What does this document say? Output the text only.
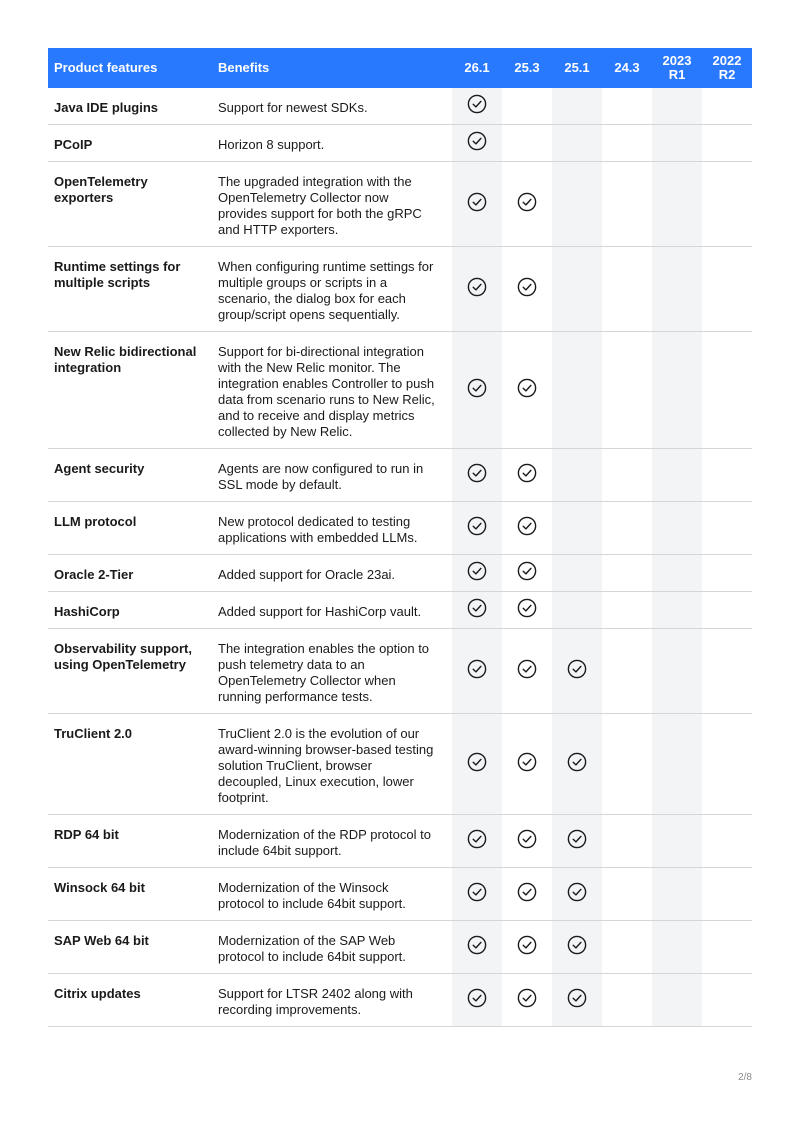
Product features	Benefits	26.1	25.3	25.1	24.3	2023 R1	2022 R2
Java IDE plugins	Support for newest SDKs.	

PCoIP	Horizon 8 support.	

OpenTelemetry exporters	The upgraded integration with the OpenTelemetry Collector now provides support for both the gRPC and HTTP exporters.	

Runtime settings for multiple scripts	When configuring runtime settings for multiple groups or scripts in a scenario, the dialog box for each group/script opens sequentially.	

New Relic bidirectional integration	Support for bi-directional integration with the New Relic monitor. The integration enables Controller to push data from scenario runs to New Relic, and to receive and display metrics collected by New Relic.	

Agent security	Agents are now configured to run in SSL mode by default.	

LLM protocol	New protocol dedicated to testing applications with embedded LLMs.	

Oracle 2-Tier	Added support for Oracle 23ai.	

HashiCorp	Added support for HashiCorp vault.	

Observability support, using OpenTelemetry	The integration enables the option to push telemetry data to an OpenTelemetry Collector when running performance tests.	

TruClient 2.0	TruClient 2.0 is the evolution of our award-winning browser-based testing solution TruClient, browser decoupled, Linux execution, lower footprint.	

RDP 64 bit	Modernization of the RDP protocol to include 64bit support.	

Winsock 64 bit	Modernization of the Winsock protocol to include 64bit support.	

SAP Web 64 bit	Modernization of the SAP Web protocol to include 64bit support.	

Citrix updates	Support for LTSR 2402 along with recording improvements.	

2/8
